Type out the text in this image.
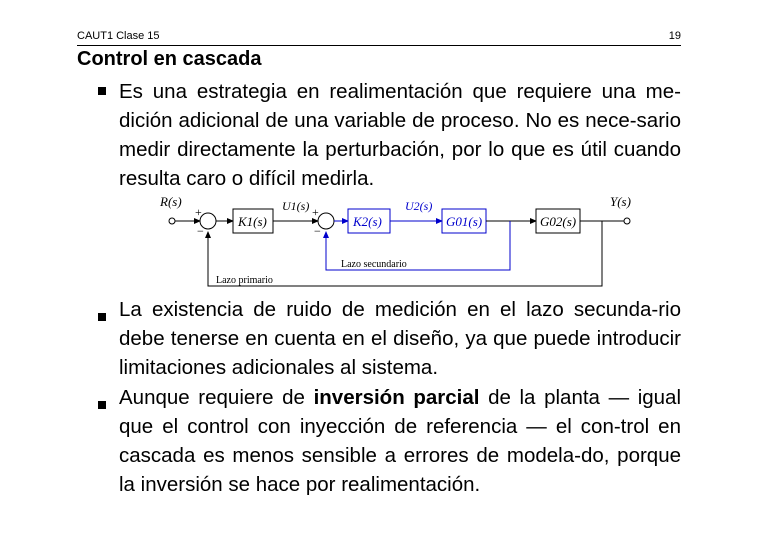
CAUT1 Clase 15	19
Control en cascada
Es una estrategia en realimentación que requiere una me-dición adicional de una variable de proceso. No es nece-sario medir directamente la perturbación, por lo que es útil cuando resulta caro o difícil medirla.
R(s)
+
−
K1(s)
U1(s) +
−
K2(s)
U2(s)
G01(s)	G02(s)
Y(s)
Lazo secundario
Lazo primario
La existencia de ruido de medición en el lazo secunda-rio debe tenerse en cuenta en el diseño, ya que puede introducir limitaciones adicionales al sistema.
Aunque requiere de inversión parcial de la planta — igual que el control con inyección de referencia — el con-trol en cascada es menos sensible a errores de modela-do, porque la inversión se hace por realimentación.
